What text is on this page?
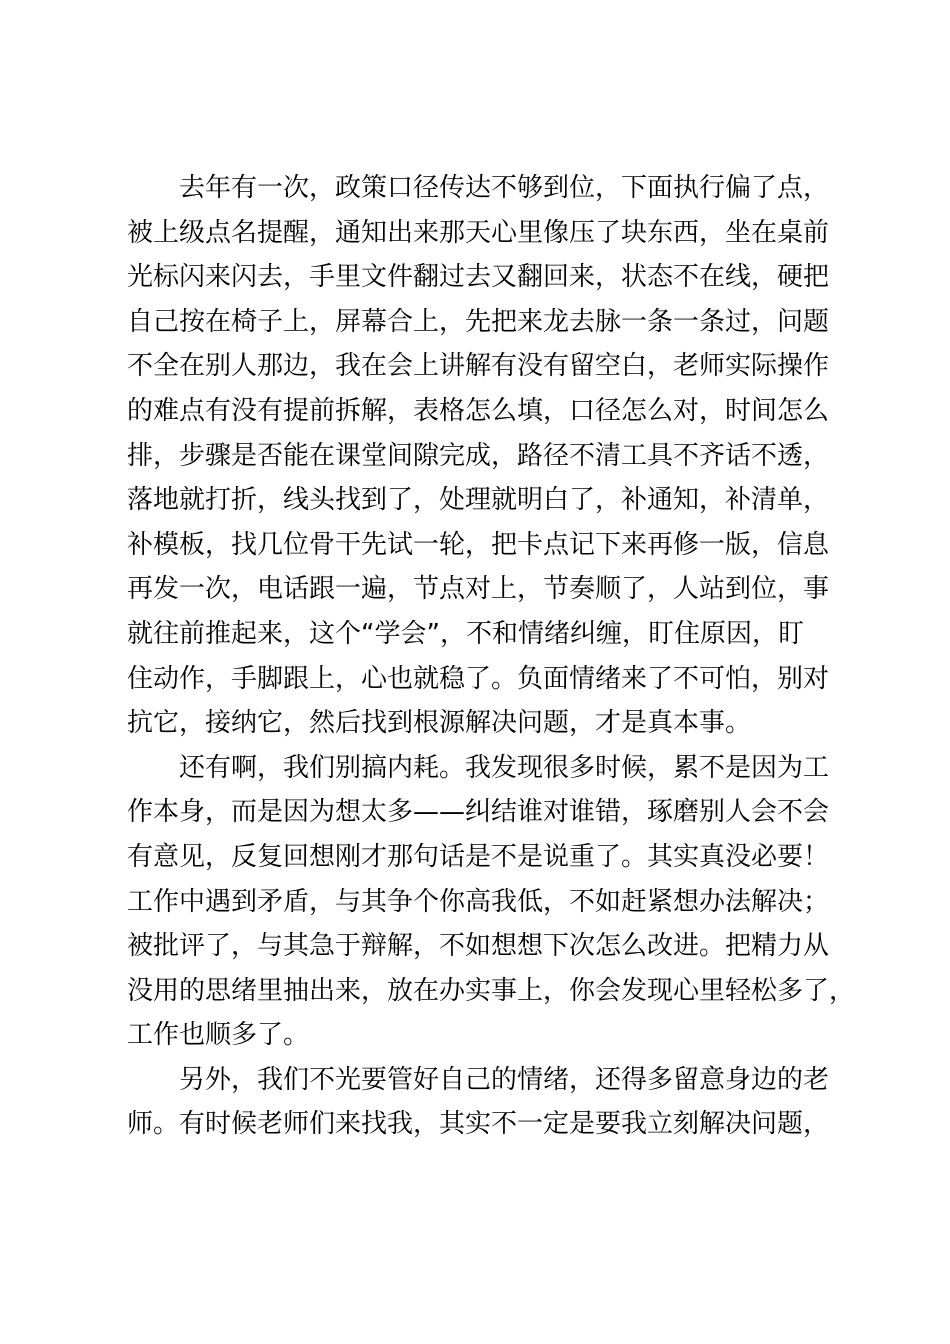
去年有一次，政策口径传达不够到位，下面执行偏了点，
被上级点名提醒，通知出来那天心里像压了块东西，坐在桌前
光标闪来闪去，手里文件翻过去又翻回来，状态不在线，硬把
自己按在椅子上，屏幕合上，先把来龙去脉一条一条过，问题
不全在别人那边，我在会上讲解有没有留空白，老师实际操作
的难点有没有提前拆解，表格怎么填，口径怎么对，时间怎么
排，步骤是否能在课堂间隙完成，路径不清工具不齐话不透，
落地就打折，线头找到了，处理就明白了，补通知，补清单，
补模板，找几位骨干先试一轮，把卡点记下来再修一版，信息
再发一次，电话跟一遍，节点对上，节奏顺了，人站到位，事
就往前推起来，这个“学会”，不和情绪纠缠，盯住原因，盯
住动作，手脚跟上，心也就稳了。负面情绪来了不可怕，别对
抗它，接纳它，然后找到根源解决问题，才是真本事。
还有啊，我们别搞内耗。我发现很多时候，累不是因为工
作本身，而是因为想太多——纠结谁对谁错，琢磨别人会不会
有意见，反复回想刚才那句话是不是说重了。其实真没必要！
工作中遇到矛盾，与其争个你高我低，不如赶紧想办法解决；
被批评了，与其急于辩解，不如想想下次怎么改进。把精力从
没用的思绪里抽出来，放在办实事上，你会发现心里轻松多了，
工作也顺多了。
另外，我们不光要管好自己的情绪，还得多留意身边的老
师。有时候老师们来找我，其实不一定是要我立刻解决问题，
